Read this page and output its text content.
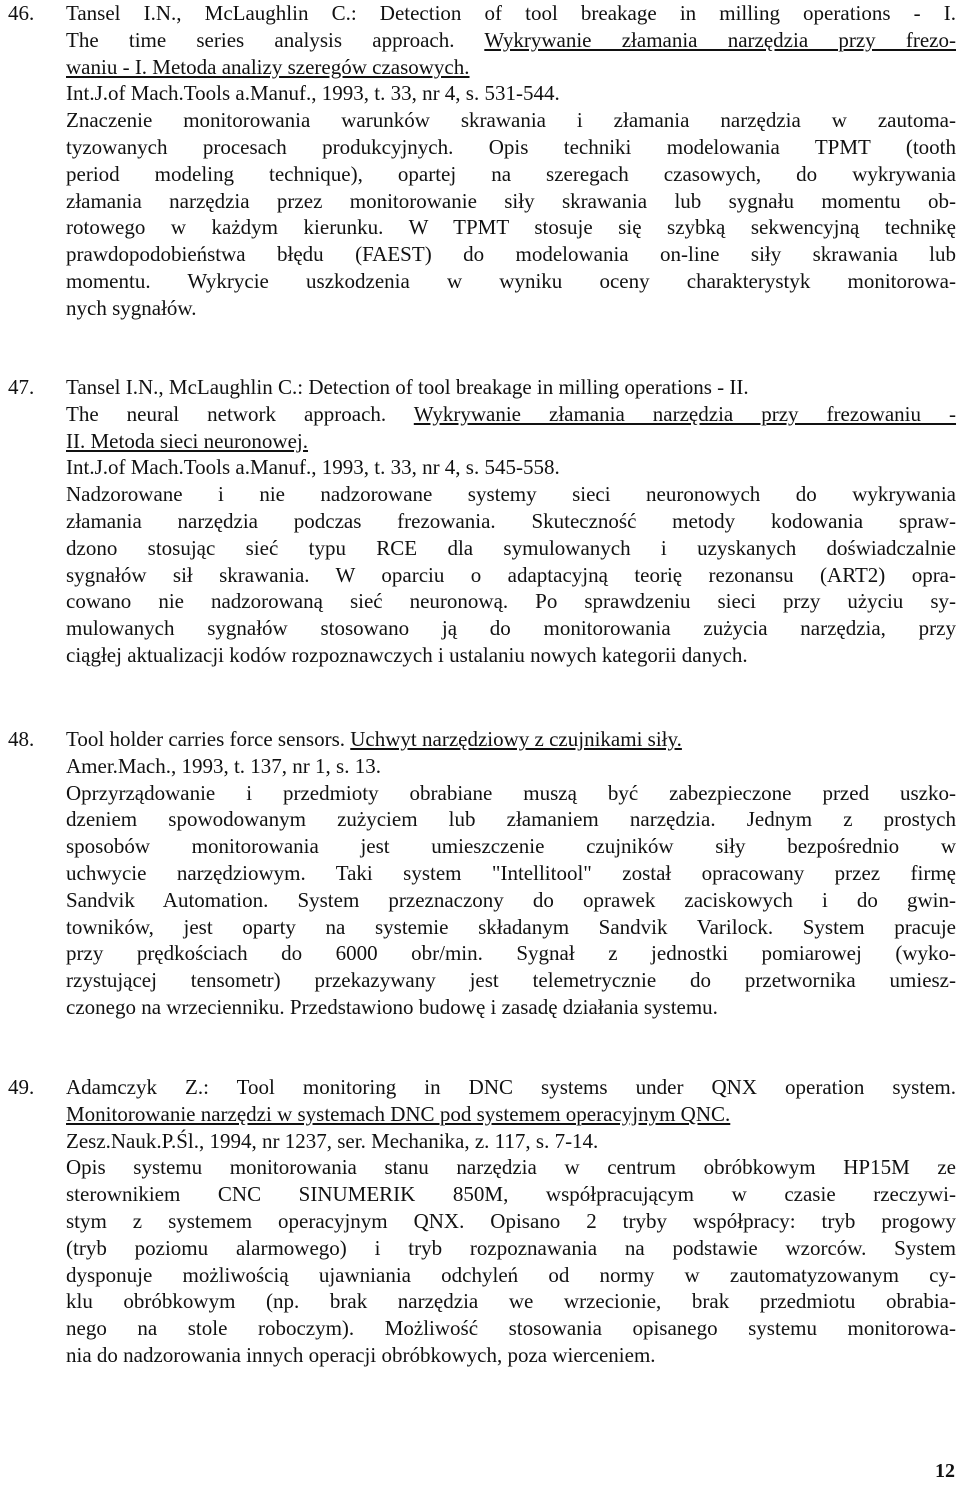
46. Tansel I.N., McLaughlin C.: Detection of tool breakage in milling operations - I.
The time series analysis approach. Wykrywanie złamania narzędzia przy frezo-
waniu - I. Metoda analizy szeregów czasowych.
Int.J.of Mach.Tools a.Manuf., 1993, t. 33, nr 4, s. 531-544.
Znaczenie monitorowania warunków skrawania i złamania narzędzia w zautoma-
tyzowanych procesach produkcyjnych. Opis techniki modelowania TPMT (tooth
period modeling technique), opartej na szeregach czasowych, do wykrywania
złamania narzędzia przez monitorowanie siły skrawania lub sygnału momentu ob-
rotowego w każdym kierunku. W TPMT stosuje się szybką sekwencyjną technikę
prawdopodobieństwa błędu (FAEST) do modelowania on-line siły skrawania lub
momentu. Wykrycie uszkodzenia w wyniku oceny charakterystyk monitorowa-
nych sygnałów.
47. Tansel I.N., McLaughlin C.: Detection of tool breakage in milling operations - II.
The neural network approach. Wykrywanie złamania narzędzia przy frezowaniu -
II. Metoda sieci neuronowej.
Int.J.of Mach.Tools a.Manuf., 1993, t. 33, nr 4, s. 545-558.
Nadzorowane i nie nadzorowane systemy sieci neuronowych do wykrywania
złamania narzędzia podczas frezowania. Skuteczność metody kodowania spraw-
dzono stosując sieć typu RCE dla symulowanych i uzyskanych doświadczalnie
sygnałów sił skrawania. W oparciu o adaptacyjną teorię rezonansu (ART2) opra-
cowano nie nadzorowaną sieć neuronową. Po sprawdzeniu sieci przy użyciu sy-
mulowanych sygnałów stosowano ją do monitorowania zużycia narzędzia, przy
ciągłej aktualizacji kodów rozpoznawczych i ustalaniu nowych kategorii danych.
48. Tool holder carries force sensors. Uchwyt narzędziowy z czujnikami siły.
Amer.Mach., 1993, t. 137, nr 1, s. 13.
Oprzyrządowanie i przedmioty obrabiane muszą być zabezpieczone przed uszko-
dzeniem spowodowanym zużyciem lub złamaniem narzędzia. Jednym z prostych
sposobów monitorowania jest umieszczenie czujników siły bezpośrednio w
uchwycie narzędziowym. Taki system "Intellitool" został opracowany przez firmę
Sandvik Automation. System przeznaczony do oprawek zaciskowych i do gwin-
towników, jest oparty na systemie składanym Sandvik Varilock. System pracuje
przy prędkościach do 6000 obr/min. Sygnał z jednostki pomiarowej (wyko-
rzystującej tensometr) przekazywany jest telemetrycznie do przetwornika umiesz-
czonego na wrzecienniku. Przedstawiono budowę i zasadę działania systemu.
49. Adamczyk Z.: Tool monitoring in DNC systems under QNX operation system.
Monitorowanie narzędzi w systemach DNC pod systemem operacyjnym QNC.
Zesz.Nauk.P.Śl., 1994, nr 1237, ser. Mechanika, z. 117, s. 7-14.
Opis systemu monitorowania stanu narzędzia w centrum obróbkowym HP15M ze
sterownikiem CNC SINUMERIK 850M, współpracującym w czasie rzeczywi-
stym z systemem operacyjnym QNX. Opisano 2 tryby współpracy: tryb progowy
(tryb poziomu alarmowego) i tryb rozpoznawania na podstawie wzorców. System
dysponuje możliwością ujawniania odchyleń od normy w zautomatyzowanym cy-
klu obróbkowym (np. brak narzędzia we wrzecionie, brak przedmiotu obrabia-
nego na stole roboczym). Możliwość stosowania opisanego systemu monitorowa-
nia do nadzorowania innych operacji obróbkowych, poza wierceniem.
12
